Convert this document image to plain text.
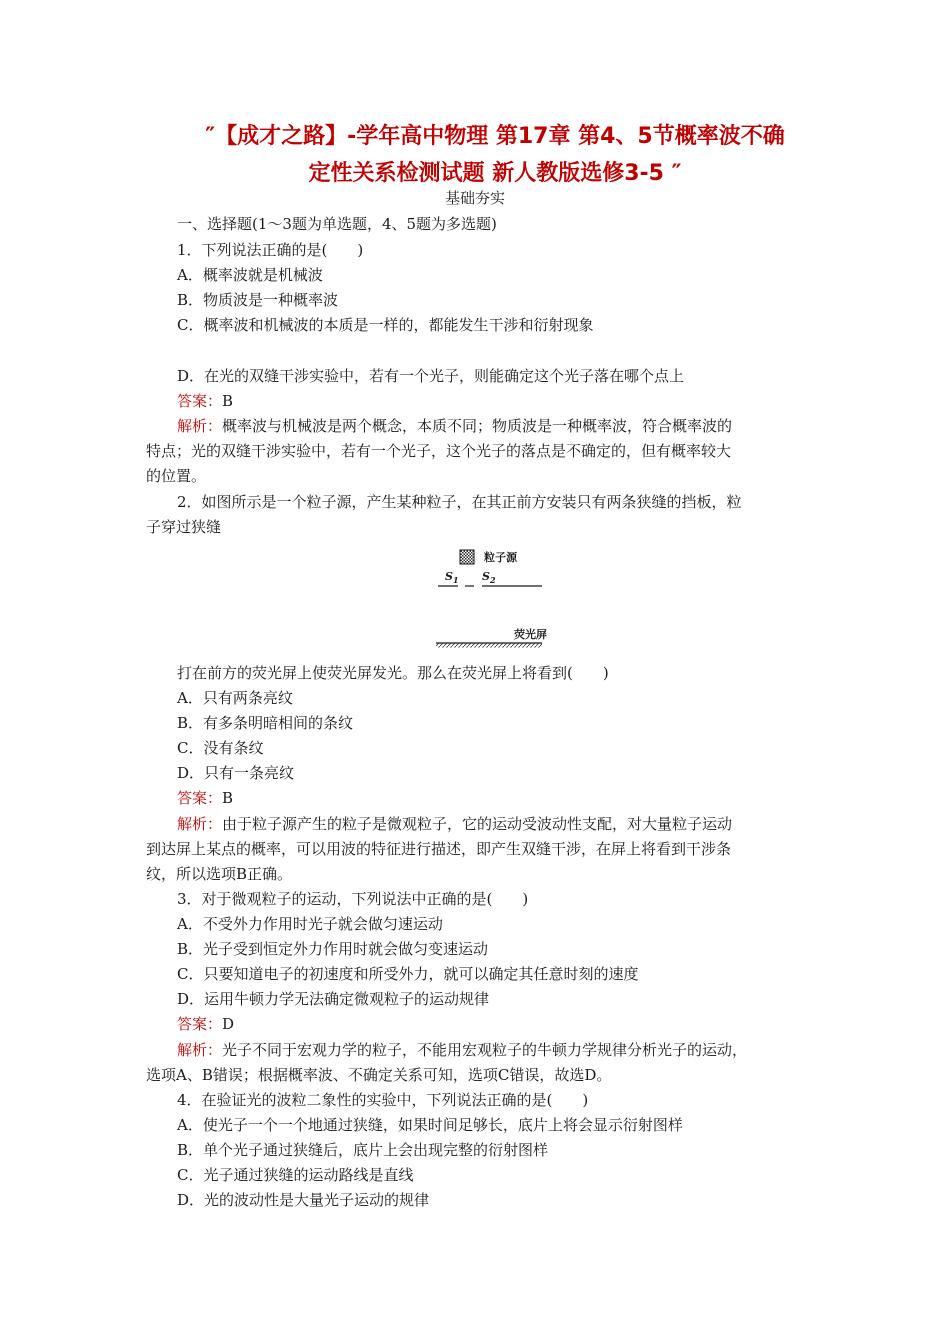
″【成才之路】-学年高中物理 第17章 第4、5节概率波不确
定性关系检测试题 新人教版选修3-5 ″
基础夯实
一、选择题(1～3题为单选题，4、5题为多选题)
1．下列说法正确的是(　　)
A．概率波就是机械波
B．物质波是一种概率波
C．概率波和机械波的本质是一样的，都能发生干涉和衍射现象
D．在光的双缝干涉实验中，若有一个光子，则能确定这个光子落在哪个点上
答案：B
解析：概率波与机械波是两个概念，本质不同；物质波是一种概率波，符合概率波的
特点；光的双缝干涉实验中，若有一个光子，这个光子的落点是不确定的，但有概率较大
的位置。
2．如图所示是一个粒子源，产生某种粒子，在其正前方安装只有两条狭缝的挡板，粒
子穿过狭缝
粒子源
$S_1$ $S_2$
荧光屏
打在前方的荧光屏上使荧光屏发光。那么在荧光屏上将看到(　　)
A．只有两条亮纹
B．有多条明暗相间的条纹
C．没有条纹
D．只有一条亮纹
答案：B
解析：由于粒子源产生的粒子是微观粒子，它的运动受波动性支配，对大量粒子运动
到达屏上某点的概率，可以用波的特征进行描述，即产生双缝干涉，在屏上将看到干涉条
纹，所以选项B正确。
3．对于微观粒子的运动，下列说法中正确的是(　　)
A．不受外力作用时光子就会做匀速运动
B．光子受到恒定外力作用时就会做匀变速运动
C．只要知道电子的初速度和所受外力，就可以确定其任意时刻的速度
D．运用牛顿力学无法确定微观粒子的运动规律
答案：D
解析：光子不同于宏观力学的粒子，不能用宏观粒子的牛顿力学规律分析光子的运动，
选项A、B错误；根据概率波、不确定关系可知，选项C错误，故选D。
4．在验证光的波粒二象性的实验中，下列说法正确的是(　　)
A．使光子一个一个地通过狭缝，如果时间足够长，底片上将会显示衍射图样
B．单个光子通过狭缝后，底片上会出现完整的衍射图样
C．光子通过狭缝的运动路线是直线
D．光的波动性是大量光子运动的规律
